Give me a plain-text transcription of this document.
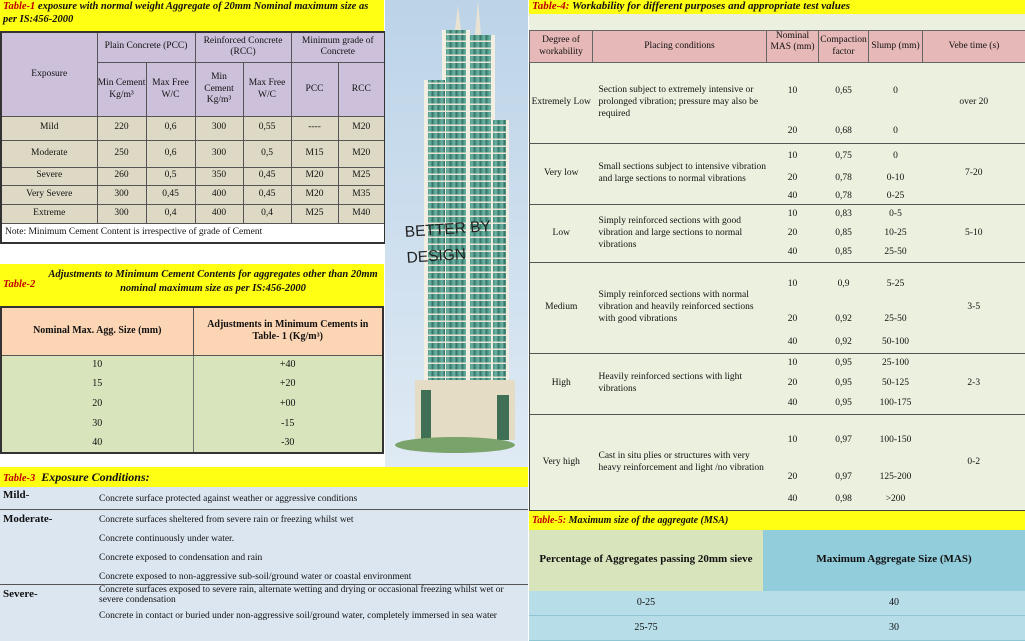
Table-1 exposure with normal weight Aggregate of 20mm Nominal maximum size as per IS:456-2000
Exposure	Plain Concrete (PCC)		Reinforced Concrete (RCC)		Minimum grade of Concrete	
	Min Cement Kg/m³	Max Free W/C	Min Cement Kg/m³	Max Free W/C	PCC	RCC
Mild	220	0,6	300	0,55	----	M20
Moderate	250	0,6	300	0,5	M15	M20
Severe	260	0,5	350	0,45	M20	M25
Very Severe	300	0,45	400	0,45	M20	M35
Extreme	300	0,4	400	0,4	M25	M40
Note: Minimum Cement Content is irrespective of grade of Cement						
Table-2
Adjustments to Minimum Cement Contents for aggregates other than 20mm nominal maximum size as per IS:456-2000
Nominal Max. Agg. Size (mm)	Adjustments in Minimum Cements in Table- 1 (Kg/m³)
10	+40
15	+20
20	+00
30	-15
40	-30
BETTER BY
DESIGN
Table-3 Exposure Conditions:
Mild-	Concrete surface protected against weather or aggressive conditions
Moderate-	Concrete surfaces sheltered from severe rain or freezing whilst wet
Concrete continuously under water.
Concrete exposed to condensation and rain
Concrete exposed to non-aggressive sub-soil/ground water or coastal environment
Severe-	Concrete surfaces exposed to severe rain, alternate wetting and drying or occasional freezing whilst wet or severe condensation
Concrete in contact or buried under non-aggressive soil/ground water, completely immersed in sea water
Table-4: Workability for different purposes and appropriate test values
Degree of workability	Placing conditions	Nominal MAS (mm)	Compaction factor	Slump (mm)	Vebe time (s)
Extremely Low	Section subject to extremely intensive or prolonged vibration; pressure may also be required	10	0,65	0	over 20
		20	0,68	0	
Very low	Small sections subject to intensive vibration and large sections to normal vibrations	10	0,75	0	7-20
		20	0,78	0-10	
		40	0,78	0-25	
Low	Simply reinforced sections with good vibration and large sections to normal vibrations	10	0,83	0-5	5-10
		20	0,85	10-25	
		40	0,85	25-50	
Medium	Simply reinforced sections with normal vibration and heavily reinforced sections with good vibrations	10	0,9	5-25	3-5
		20	0,92	25-50	
		40	0,92	50-100	
High	Heavily reinforced sections with light vibrations	10	0,95	25-100	2-3
		20	0,95	50-125	
		40	0,95	100-175	
Very high	Cast in situ plies or structures with very heavy reinforcement and light /no vibration	10	0,97	100-150	0-2
		20	0,97	125-200	
		40	0,98	>200	
Table-5: Maximum size of the aggregate (MSA)
Percentage of Aggregates passing 20mm sieve	Maximum Aggregate Size (MAS)
0-25	40
25-75	30
